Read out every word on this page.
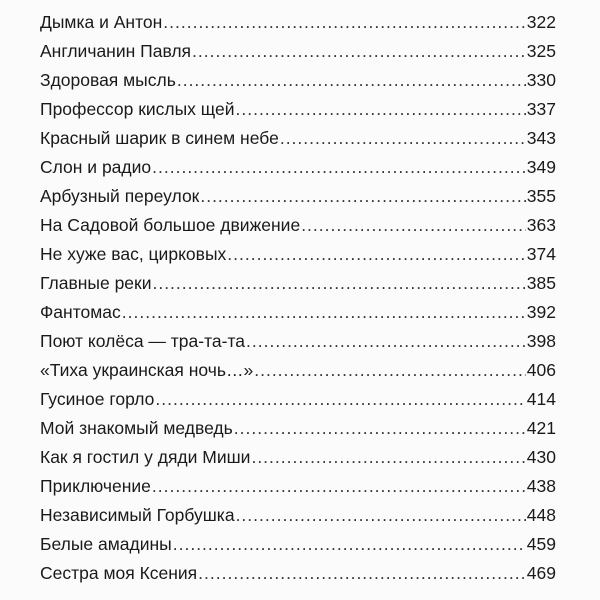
Дымка и Антон .....	322
Англичанин Павля .....	325
Здоровая мысль .....	330
Профессор кислых щей .....	337
Красный шарик в синем небе .....	343
Слон и радио .....	349
Арбузный переулок .....	355
На Садовой большое движение .....	363
Не хуже вас, цирковых .....	374
Главные реки .....	385
Фантомас .....	392
Поют колёса — тра-та-та .....	398
«Тиха украинская ночь…» .....	406
Гусиное горло .....	414
Мой знакомый медведь .....	421
Как я гостил у дяди Миши .....	430
Приключение .....	438
Независимый Горбушка .....	448
Белые амадины .....	459
Сестра моя Ксения .....	469
